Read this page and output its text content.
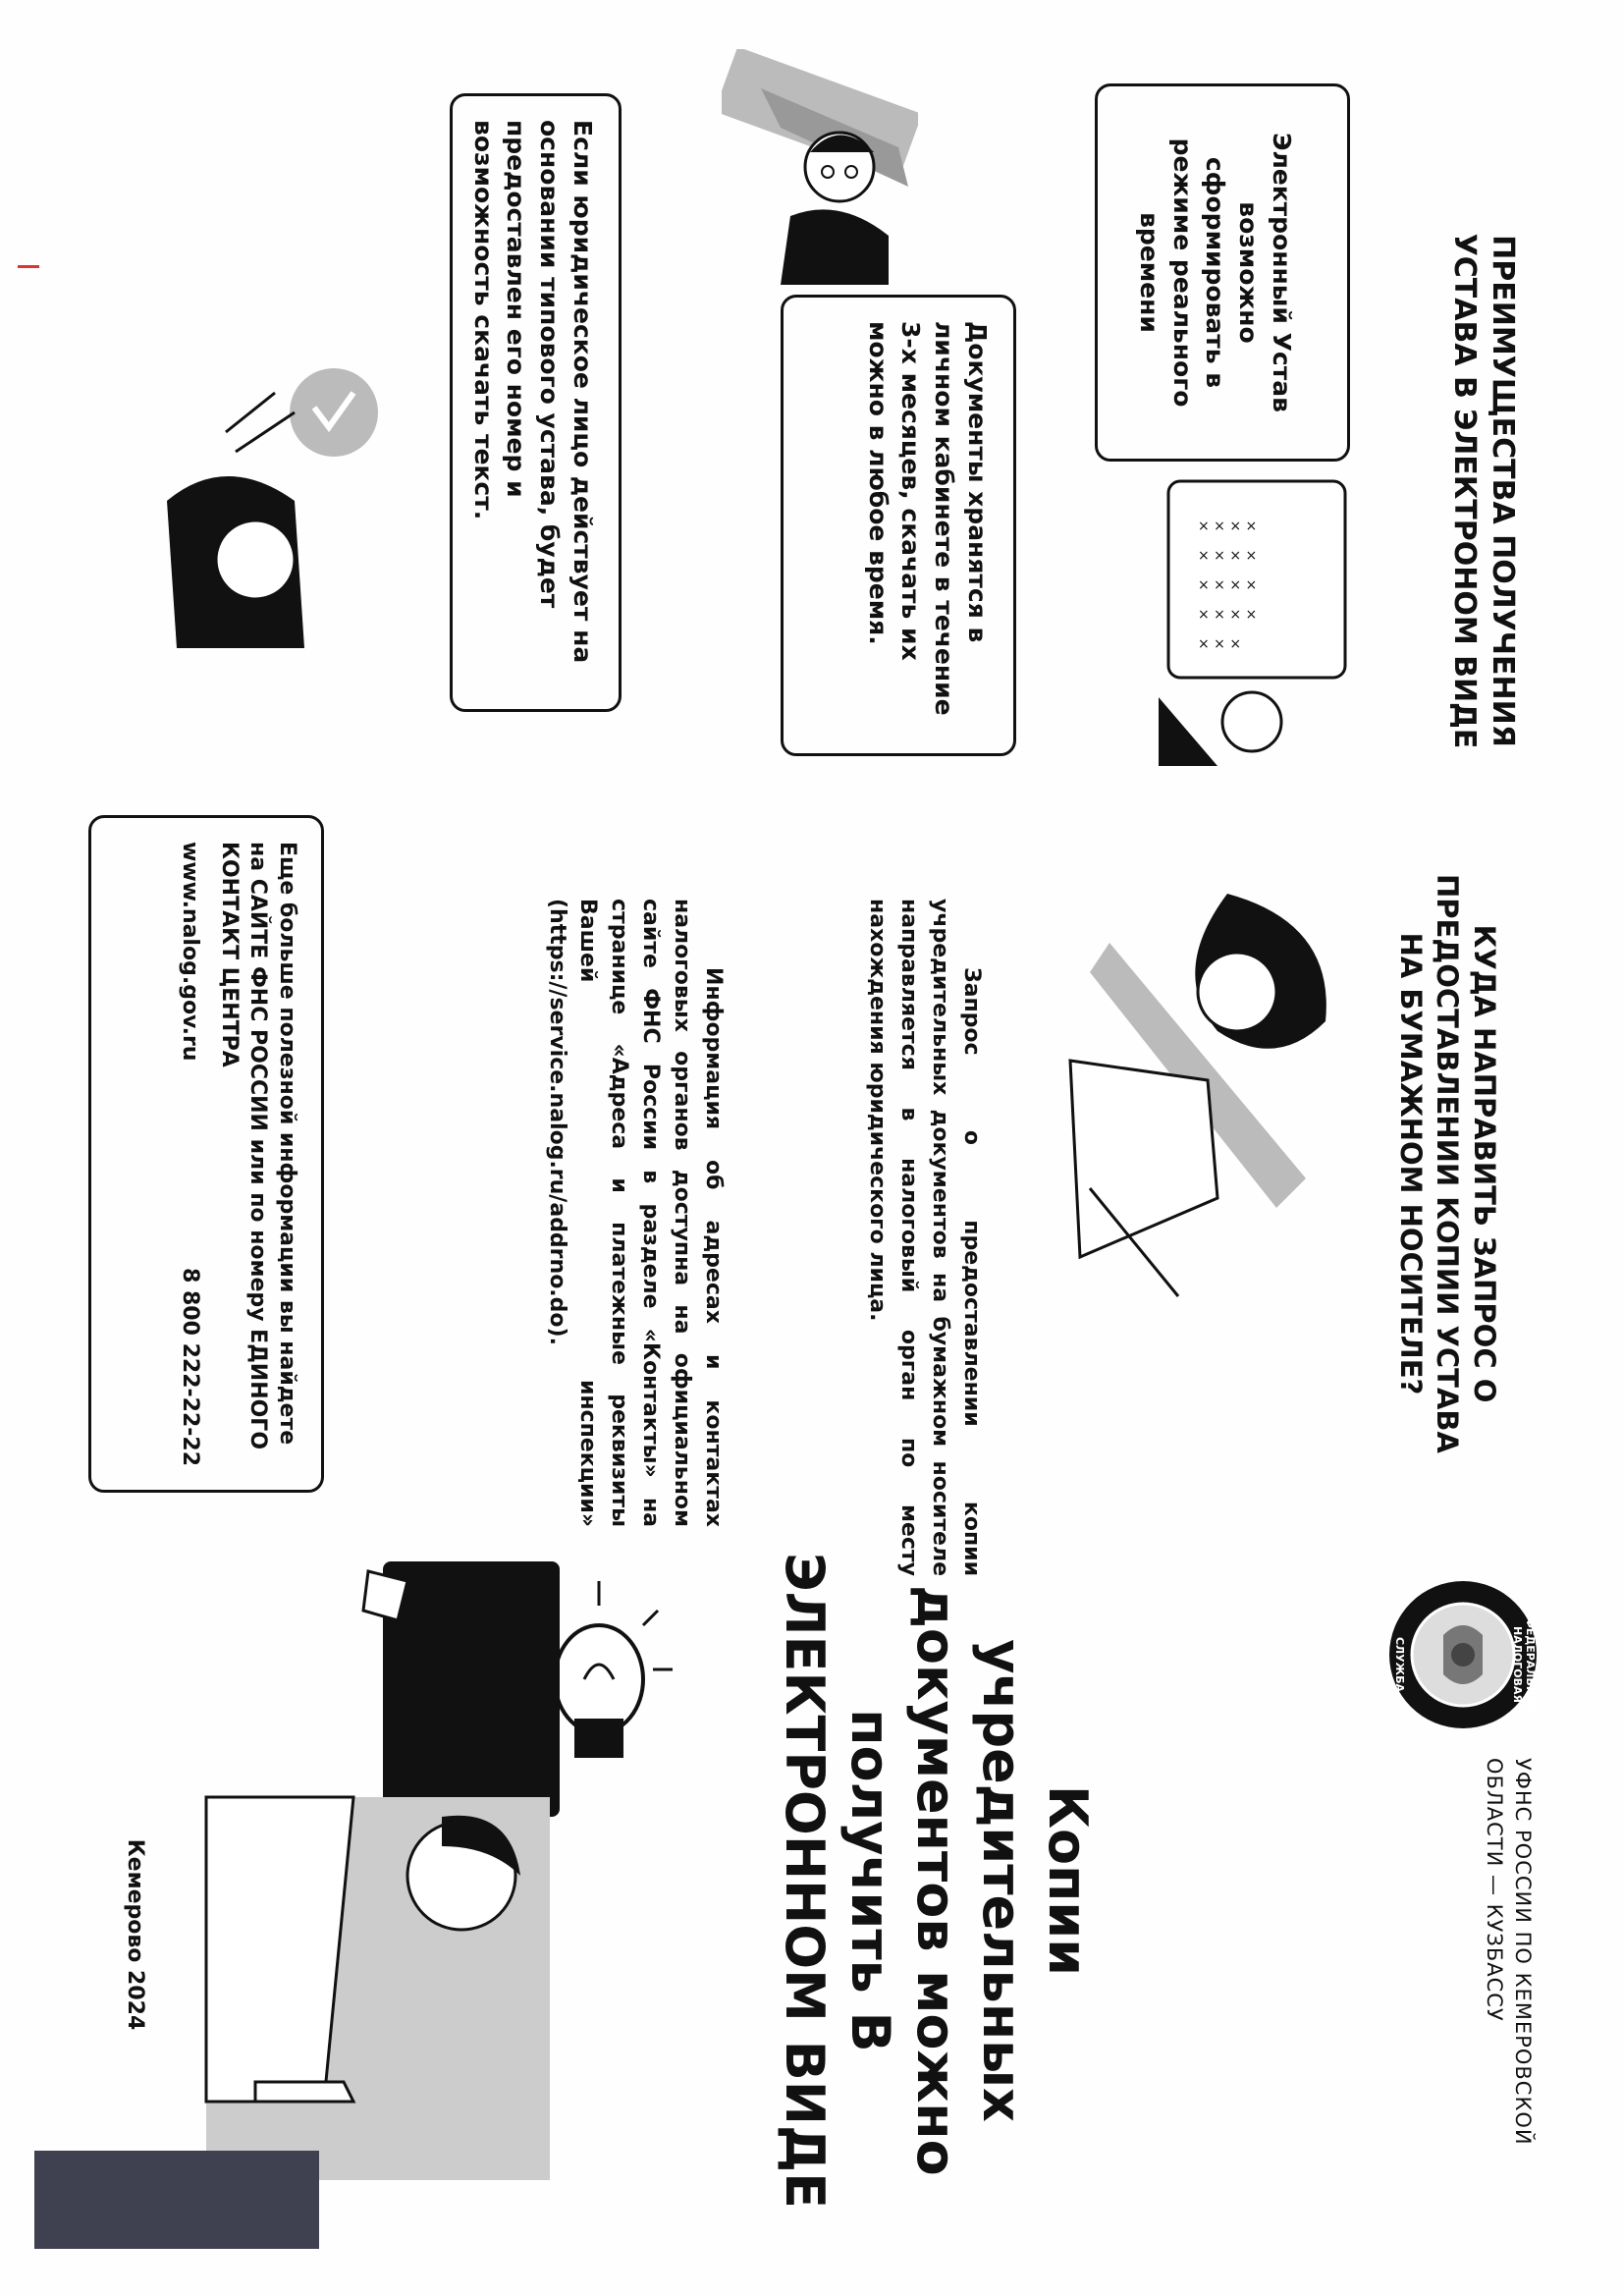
ПРЕИМУЩЕСТВА ПОЛУЧЕНИЯ УСТАВА В ЭЛЕКТРОНОМ ВИДЕ
Электронный Устав возможно сформировать в режиме реального времени
Документы хранятся в личном кабинете в течение 3-х месяцев, скачать их можно в любое время.
Если юридическое лицо действует на основании типового устава, будет предоставлен его номер и возможность скачать текст.
× × × ×
× × × ×
× × × ×
× × × ×
× × ×
КУДА НАПРАВИТЬ ЗАПРОС О ПРЕДОСТАВЛЕНИИ КОПИИ УСТАВА НА БУМАЖНОМ НОСИТЕЛЕ?
Запрос о предоставлении копии учредительных документов на бумажном носителе направляется в налоговый орган по месту нахождения юридического лица.
Информация об адресах и контактах налоговых органов доступна на официальном сайте ФНС России в разделе «Контакты» на странице «Адреса и платежные реквизиты Вашей инспекции» (https://service.nalog.ru/addrno.do).
Еще больше полезной информации вы найдете на САЙТЕ ФНС РОССИИ или по номеру ЕДИНОГО КОНТАКТ ЦЕНТРА
www.nalog.gov.ru
8 800 222-22-22
ФЕДЕРАЛЬНАЯ НАЛОГОВАЯ
СЛУЖБА
УФНС РОССИИ ПО КЕМЕРОВСКОЙ ОБЛАСТИ — КУЗБАССУ
Копии учредительных документов можно получить В ЭЛЕКТРОННОМ ВИДЕ
Кемерово 2024
